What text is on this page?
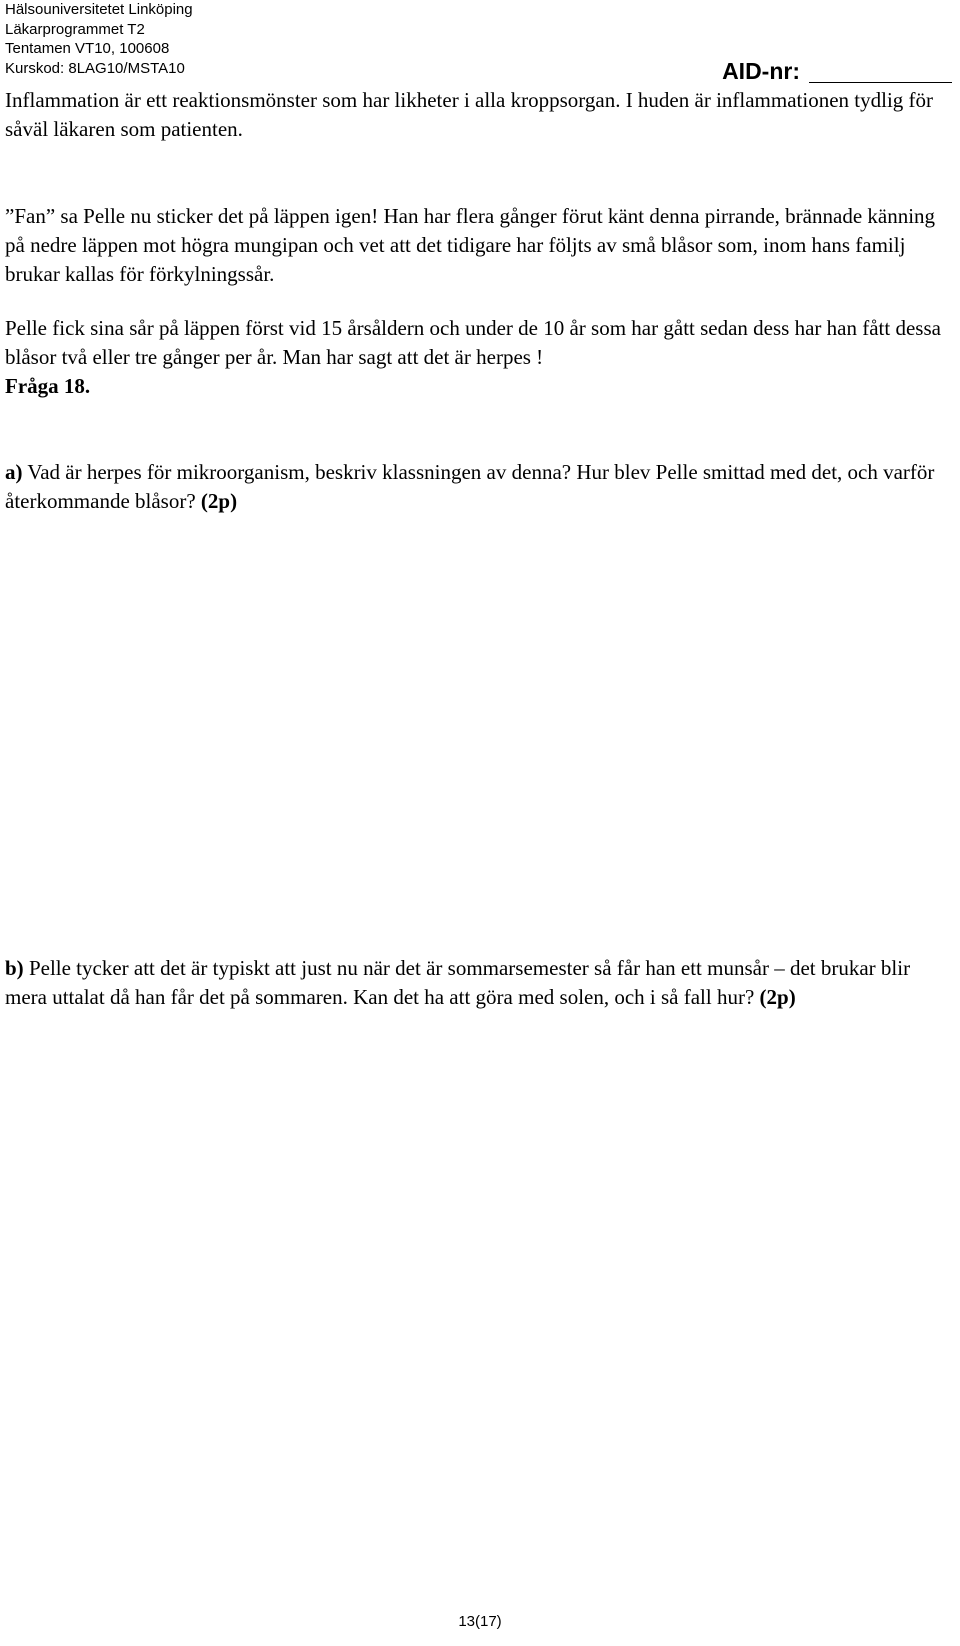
Hälsouniversitetet Linköping
Läkarprogrammet T2
Tentamen VT10, 100608
Kurskod: 8LAG10/MSTA10	AID-nr:

Inflammation är ett reaktionsmönster som har likheter i alla kroppsorgan. I huden är inflammationen tydlig för såväl läkaren som patienten.

”Fan” sa Pelle nu sticker det på läppen igen! Han har flera gånger förut känt denna pirrande, brännade känning på nedre läppen mot högra mungipan och vet att det tidigare har följts av små blåsor som, inom hans familj brukar kallas för förkylningssår.

Pelle fick sina sår på läppen först vid 15 årsåldern och under de 10 år som har gått sedan dess har han fått dessa blåsor två eller tre gånger per år. Man har sagt att det är herpes !

Fråga 18.

a) Vad är herpes för mikroorganism, beskriv klassningen av denna? Hur blev Pelle smittad med det, och varför återkommande blåsor? (2p)

b) Pelle tycker att det är typiskt att just nu när det är sommarsemester så får han ett munsår – det brukar blir mera uttalat då han får det på sommaren. Kan det ha att göra med solen, och i så fall hur? (2p)

13(17)
